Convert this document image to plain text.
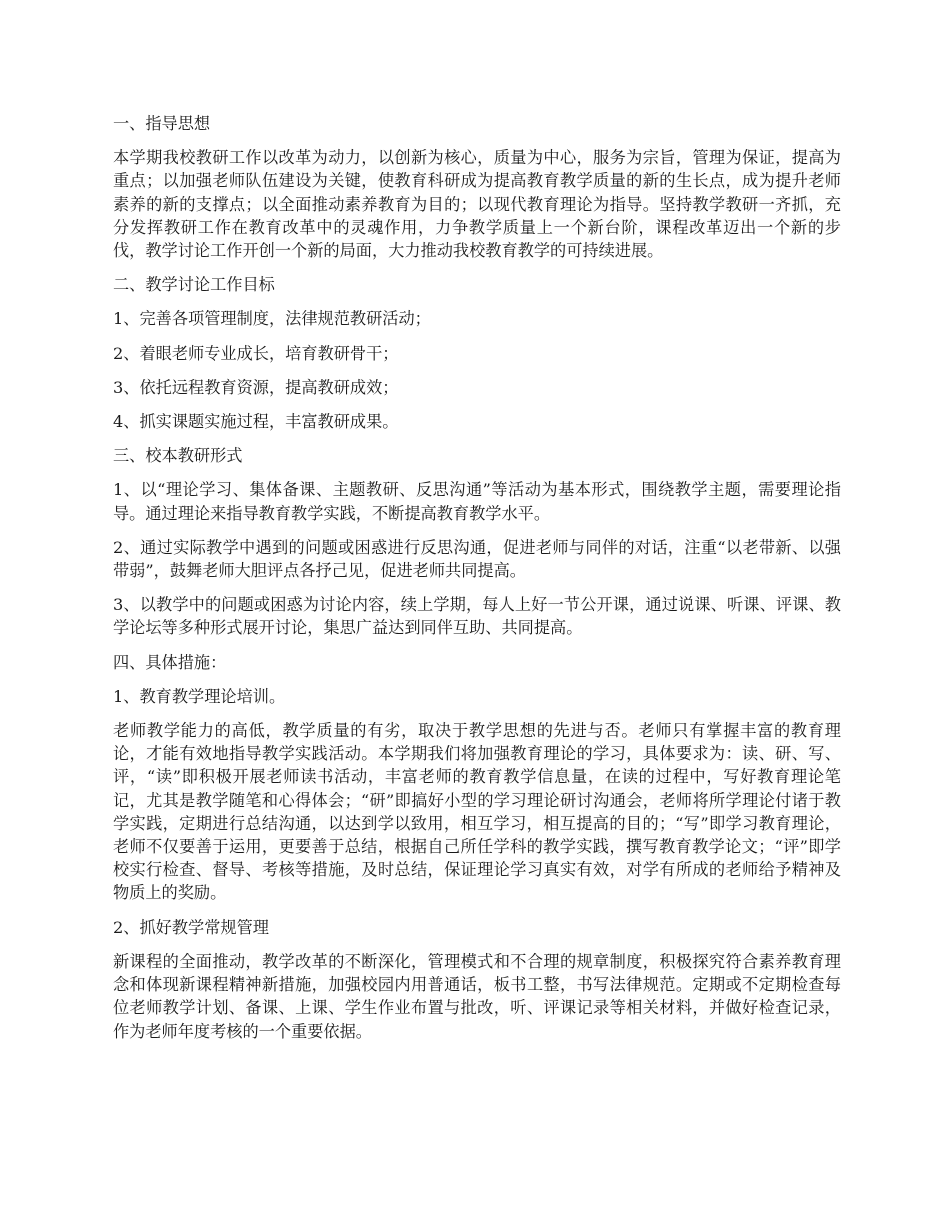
一、指导思想
本学期我校教研工作以改革为动力，以创新为核心，质量为中心，服务为宗旨，管理为保证，提高为重点；以加强老师队伍建设为关键，使教育科研成为提高教育教学质量的新的生长点，成为提升老师素养的新的支撑点；以全面推动素养教育为目的；以现代教育理论为指导。坚持教学教研一齐抓，充分发挥教研工作在教育改革中的灵魂作用，力争教学质量上一个新台阶，课程改革迈出一个新的步伐，教学讨论工作开创一个新的局面，大力推动我校教育教学的可持续进展。
二、教学讨论工作目标
1、完善各项管理制度，法律规范教研活动；
2、着眼老师专业成长，培育教研骨干；
3、依托远程教育资源，提高教研成效；
4、抓实课题实施过程，丰富教研成果。
三、校本教研形式
1、以“理论学习、集体备课、主题教研、反思沟通”等活动为基本形式，围绕教学主题，需要理论指导。通过理论来指导教育教学实践，不断提高教育教学水平。
2、通过实际教学中遇到的问题或困惑进行反思沟通，促进老师与同伴的对话，注重“以老带新、以强带弱”，鼓舞老师大胆评点各抒己见，促进老师共同提高。
3、以教学中的问题或困惑为讨论内容，续上学期，每人上好一节公开课，通过说课、听课、评课、教学论坛等多种形式展开讨论，集思广益达到同伴互助、共同提高。
四、具体措施：
1、教育教学理论培训。
老师教学能力的高低，教学质量的有劣，取决于教学思想的先进与否。老师只有掌握丰富的教育理论，才能有效地指导教学实践活动。本学期我们将加强教育理论的学习，具体要求为：读、研、写、评，“读”即积极开展老师读书活动，丰富老师的教育教学信息量，在读的过程中，写好教育理论笔记，尤其是教学随笔和心得体会；“研”即搞好小型的学习理论研讨沟通会，老师将所学理论付诸于教学实践，定期进行总结沟通，以达到学以致用，相互学习，相互提高的目的；“写”即学习教育理论，老师不仅要善于运用，更要善于总结，根据自己所任学科的教学实践，撰写教育教学论文；“评”即学校实行检查、督导、考核等措施，及时总结，保证理论学习真实有效，对学有所成的老师给予精神及物质上的奖励。
2、抓好教学常规管理
新课程的全面推动，教学改革的不断深化，管理模式和不合理的规章制度，积极探究符合素养教育理念和体现新课程精神新措施，加强校园内用普通话，板书工整，书写法律规范。定期或不定期检查每位老师教学计划、备课、上课、学生作业布置与批改，听、评课记录等相关材料，并做好检查记录，作为老师年度考核的一个重要依据。
